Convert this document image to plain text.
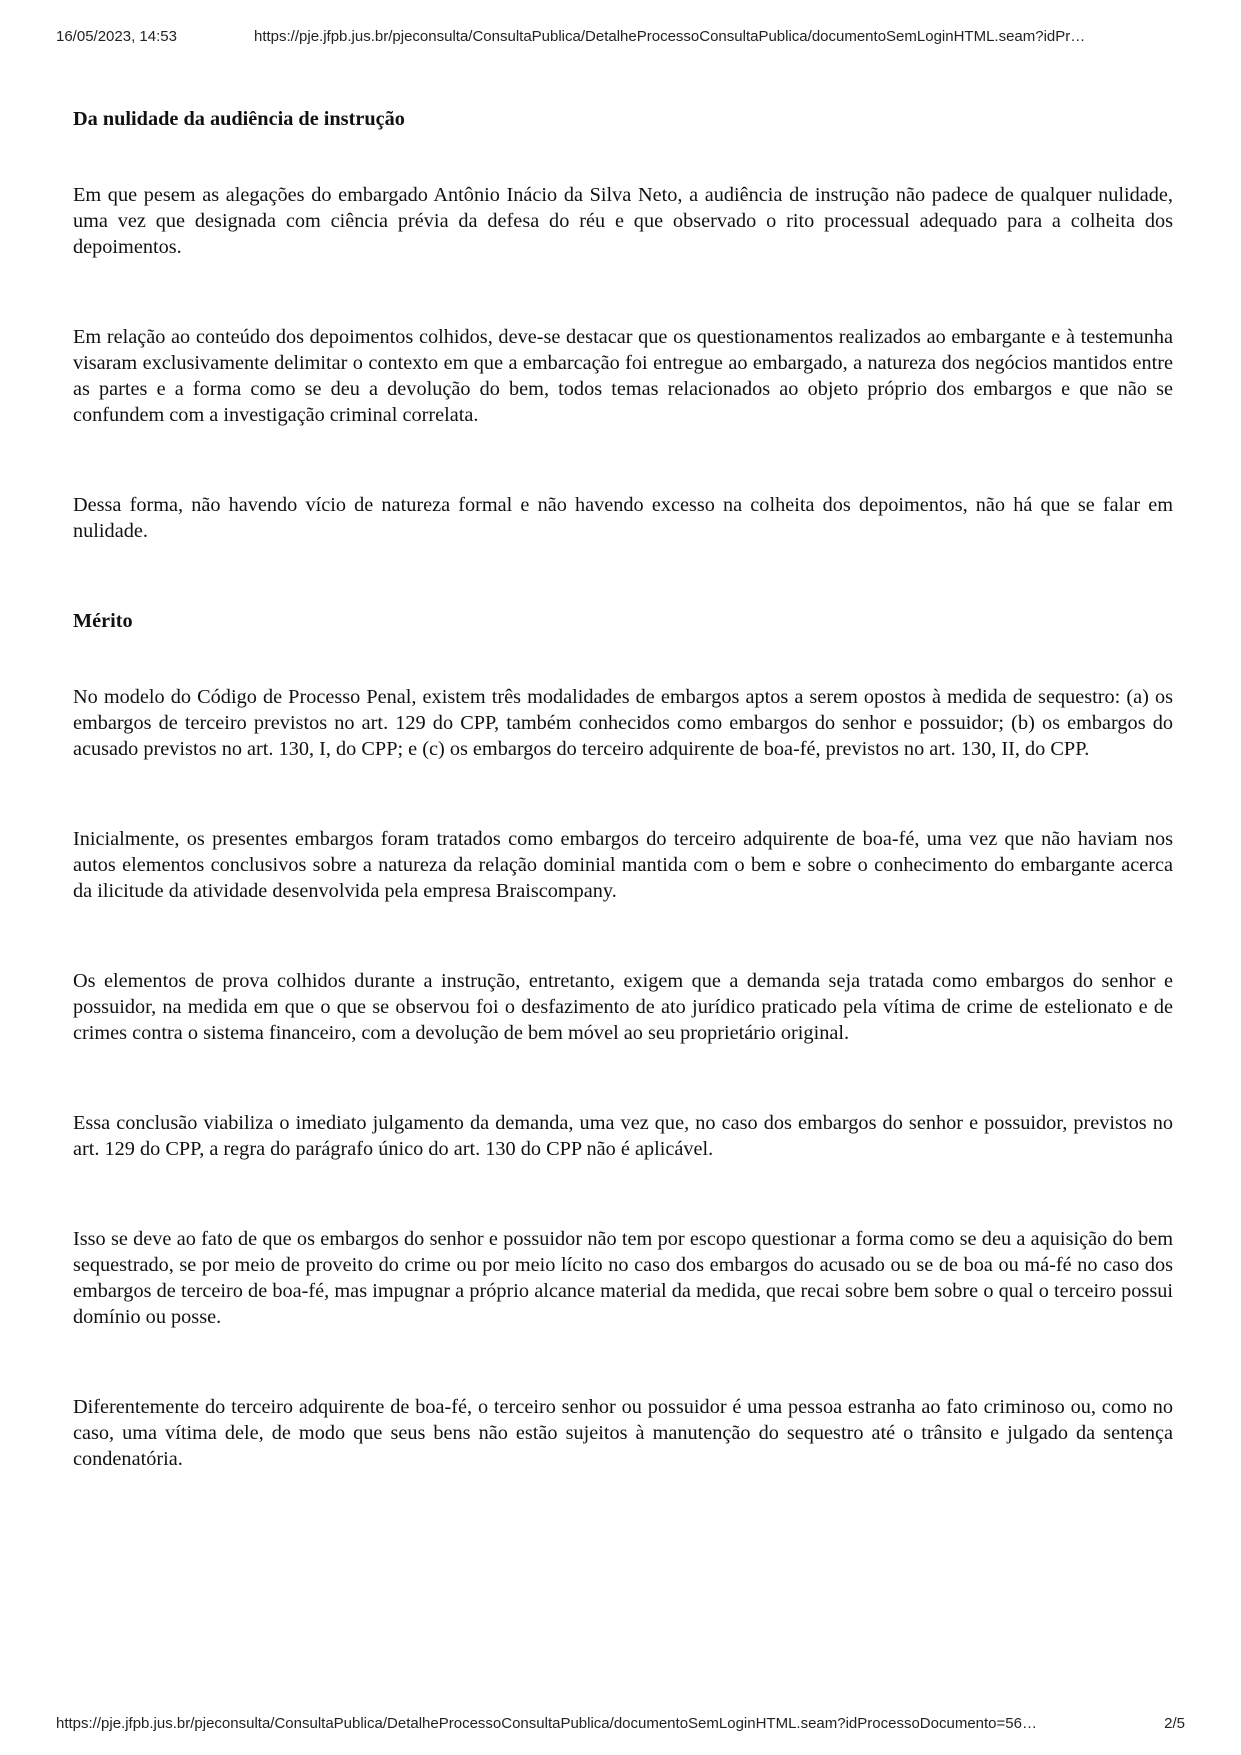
16/05/2023, 14:53	https://pje.jfpb.jus.br/pjeconsulta/ConsultaPublica/DetalheProcessoConsultaPublica/documentoSemLoginHTML.seam?idPr…
Da nulidade da audiência de instrução

Em que pesem as alegações do embargado Antônio Inácio da Silva Neto, a audiência de instrução não padece de qualquer nulidade, uma vez que designada com ciência prévia da defesa do réu e que observado o rito processual adequado para a colheita dos depoimentos.

Em relação ao conteúdo dos depoimentos colhidos, deve-se destacar que os questionamentos realizados ao embargante e à testemunha visaram exclusivamente delimitar o contexto em que a embarcação foi entregue ao embargado, a natureza dos negócios mantidos entre as partes e a forma como se deu a devolução do bem, todos temas relacionados ao objeto próprio dos embargos e que não se confundem com a investigação criminal correlata.

Dessa forma, não havendo vício de natureza formal e não havendo excesso na colheita dos depoimentos, não há que se falar em nulidade.

Mérito

No modelo do Código de Processo Penal, existem três modalidades de embargos aptos a serem opostos à medida de sequestro: (a) os embargos de terceiro previstos no art. 129 do CPP, também conhecidos como embargos do senhor e possuidor; (b) os embargos do acusado previstos no art. 130, I, do CPP; e (c) os embargos do terceiro adquirente de boa-fé, previstos no art. 130, II, do CPP.

Inicialmente, os presentes embargos foram tratados como embargos do terceiro adquirente de boa-fé, uma vez que não haviam nos autos elementos conclusivos sobre a natureza da relação dominial mantida com o bem e sobre o conhecimento do embargante acerca da ilicitude da atividade desenvolvida pela empresa Braiscompany.

Os elementos de prova colhidos durante a instrução, entretanto, exigem que a demanda seja tratada como embargos do senhor e possuidor, na medida em que o que se observou foi o desfazimento de ato jurídico praticado pela vítima de crime de estelionato e de crimes contra o sistema financeiro, com a devolução de bem móvel ao seu proprietário original.

Essa conclusão viabiliza o imediato julgamento da demanda, uma vez que, no caso dos embargos do senhor e possuidor, previstos no art. 129 do CPP, a regra do parágrafo único do art. 130 do CPP não é aplicável.

Isso se deve ao fato de que os embargos do senhor e possuidor não tem por escopo questionar a forma como se deu a aquisição do bem sequestrado, se por meio de proveito do crime ou por meio lícito no caso dos embargos do acusado ou se de boa ou má-fé no caso dos embargos de terceiro de boa-fé, mas impugnar a próprio alcance material da medida, que recai sobre bem sobre o qual o terceiro possui domínio ou posse.

Diferentemente do terceiro adquirente de boa-fé, o terceiro senhor ou possuidor é uma pessoa estranha ao fato criminoso ou, como no caso, uma vítima dele, de modo que seus bens não estão sujeitos à manutenção do sequestro até o trânsito e julgado da sentença condenatória.

https://pje.jfpb.jus.br/pjeconsulta/ConsultaPublica/DetalheProcessoConsultaPublica/documentoSemLoginHTML.seam?idProcessoDocumento=56…	2/5
